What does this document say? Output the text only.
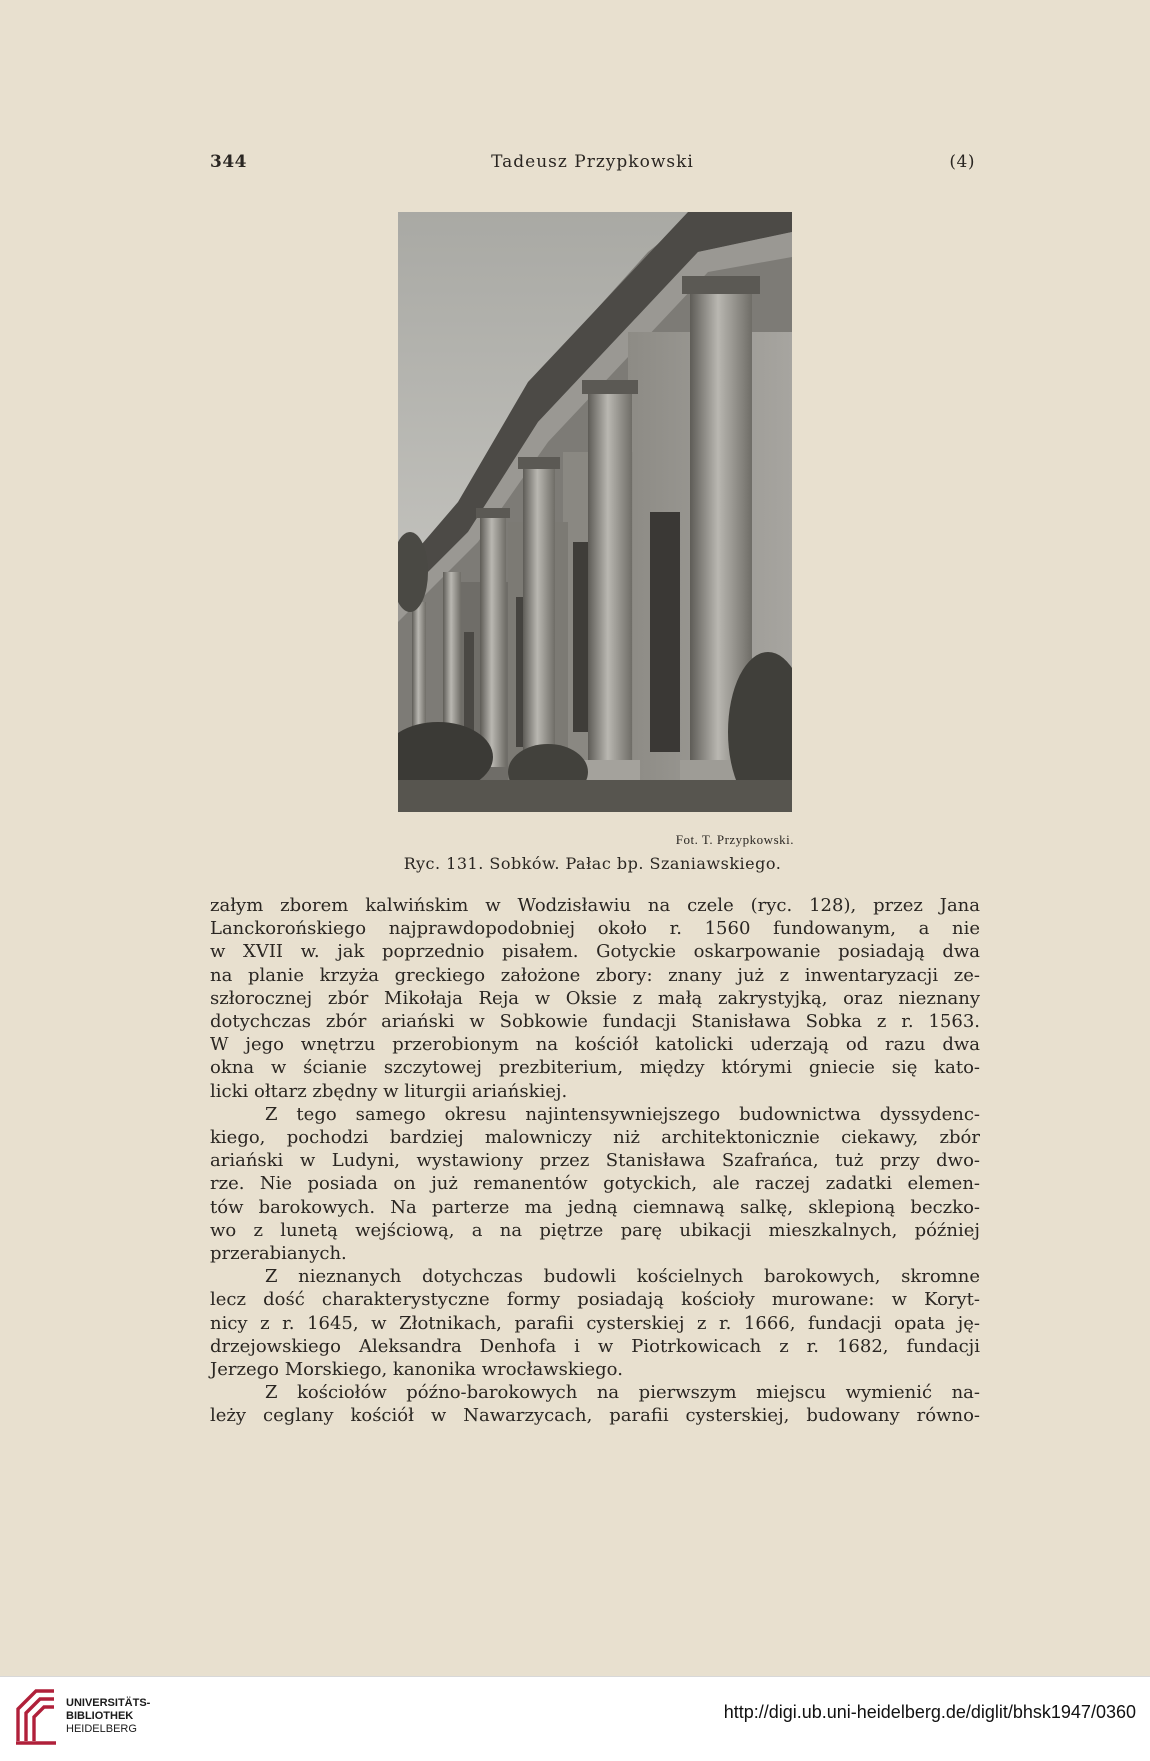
344	Tadeusz Przypkowski	(4)
Fot. T. Przypkowski.
Ryc. 131. Sobków. Pałac bp. Szaniawskiego.
załym zborem kalwińskim w Wodzisławiu na czele (ryc. 128), przez Jana
Lanckorońskiego najprawdopodobniej około r. 1560 fundowanym, a nie
w XVII w. jak poprzednio pisałem. Gotyckie oskarpowanie posiadają dwa
na planie krzyża greckiego założone zbory: znany już z inwentaryzacji ze-
szłorocznej zbór Mikołaja Reja w Oksie z małą zakrystyjką, oraz nieznany
dotychczas zbór ariański w Sobkowie fundacji Stanisława Sobka z r. 1563.
W jego wnętrzu przerobionym na kościół katolicki uderzają od razu dwa
okna w ścianie szczytowej prezbiterium, między którymi gniecie się kato-
licki ołtarz zbędny w liturgii ariańskiej.
Z tego samego okresu najintensywniejszego budownictwa dyssydenc-
kiego, pochodzi bardziej malowniczy niż architektonicznie ciekawy, zbór
ariański w Ludyni, wystawiony przez Stanisława Szafrańca, tuż przy dwo-
rze. Nie posiada on już remanentów gotyckich, ale raczej zadatki elemen-
tów barokowych. Na parterze ma jedną ciemnawą salkę, sklepioną beczko-
wo z lunetą wejściową, a na piętrze parę ubikacji mieszkalnych, później
przerabianych.
Z nieznanych dotychczas budowli kościelnych barokowych, skromne
lecz dość charakterystyczne formy posiadają kościoły murowane: w Koryt-
nicy z r. 1645, w Złotnikach, parafii cysterskiej z r. 1666, fundacji opata ję-
drzejowskiego Aleksandra Denhofa i w Piotrkowicach z r. 1682, fundacji
Jerzego Morskiego, kanonika wrocławskiego.
Z kościołów późno-barokowych na pierwszym miejscu wymienić na-
leży ceglany kościół w Nawarzycach, parafii cysterskiej, budowany równo-
UNIVERSITÄTS-
BIBLIOTHEK
HEIDELBERG
http://digi.ub.uni-heidelberg.de/diglit/bhsk1947/0360
